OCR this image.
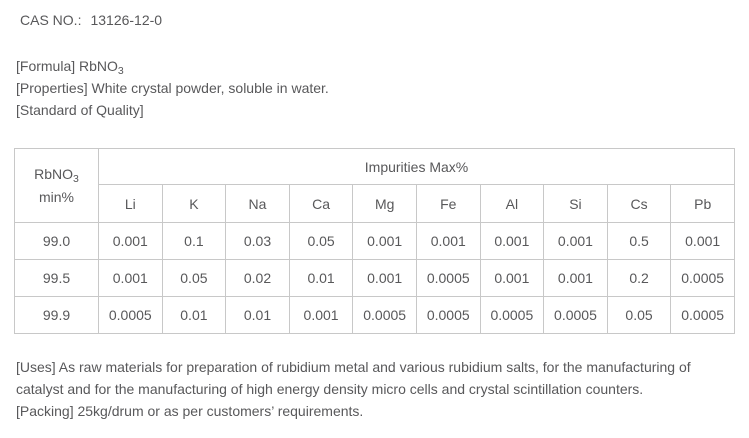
CAS NO.: 13126-12-0
[Formula] RbNO$_3$
[Properties] White crystal powder, soluble in water.
[Standard of Quality]
RbNO$_3$
min%	Impurities Max%									
	Li	K	Na	Ca	Mg	Fe	Al	Si	Cs	Pb
99.0	0.001	0.1	0.03	0.05	0.001	0.001	0.001	0.001	0.5	0.001
99.5	0.001	0.05	0.02	0.01	0.001	0.0005	0.001	0.001	0.2	0.0005
99.9	0.0005	0.01	0.01	0.001	0.0005	0.0005	0.0005	0.0005	0.05	0.0005
[Uses] As raw materials for preparation of rubidium metal and various rubidium salts, for the manufacturing of
catalyst and for the manufacturing of high energy density micro cells and crystal scintillation counters.
[Packing] 25kg/drum or as per customers’ requirements.
